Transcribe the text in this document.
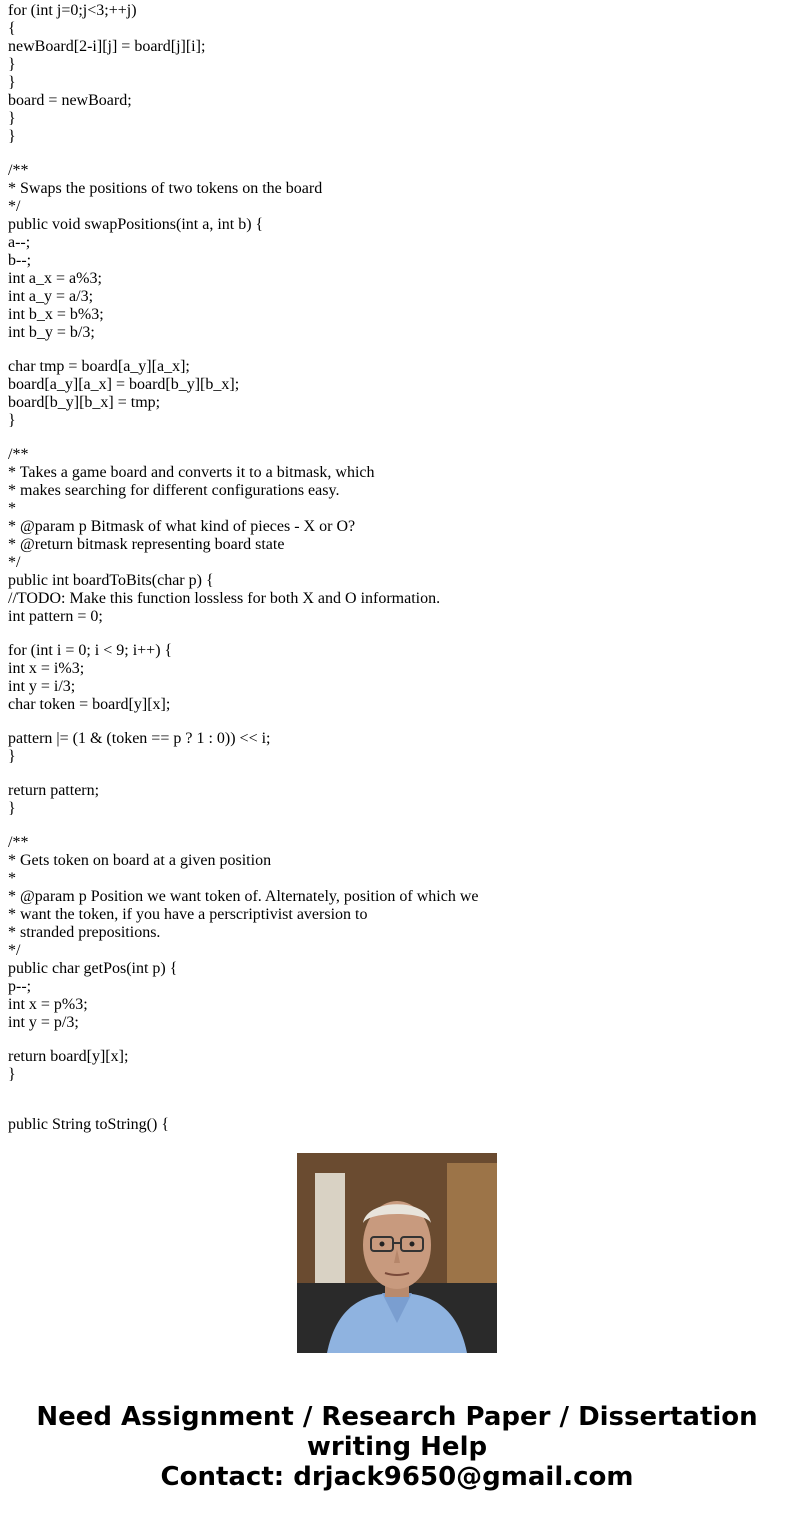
for (int j=0;j<3;++j)
{
newBoard[2-i][j] = board[j][i];
}
}
board = newBoard;
}
}
/**
* Swaps the positions of two tokens on the board
*/
public void swapPositions(int a, int b) {
a--;
b--;
int a_x = a%3;
int a_y = a/3;
int b_x = b%3;
int b_y = b/3;
char tmp = board[a_y][a_x];
board[a_y][a_x] = board[b_y][b_x];
board[b_y][b_x] = tmp;
}
/**
* Takes a game board and converts it to a bitmask, which
* makes searching for different configurations easy.
*
* @param p Bitmask of what kind of pieces - X or O?
* @return bitmask representing board state
*/
public int boardToBits(char p) {
//TODO: Make this function lossless for both X and O information.
int pattern = 0;
for (int i = 0; i < 9; i++) {
int x = i%3;
int y = i/3;
char token = board[y][x];
pattern |= (1 & (token == p ? 1 : 0)) << i;
}
return pattern;
}
/**
* Gets token on board at a given position
*
* @param p Position we want token of. Alternately, position of which we
* want the token, if you have a perscriptivist aversion to
* stranded prepositions.
*/
public char getPos(int p) {
p--;
int x = p%3;
int y = p/3;
return board[y][x];
}
public String toString() {
Need Assignment / Research Paper / Dissertation
writing Help
Contact: drjack9650@gmail.com
